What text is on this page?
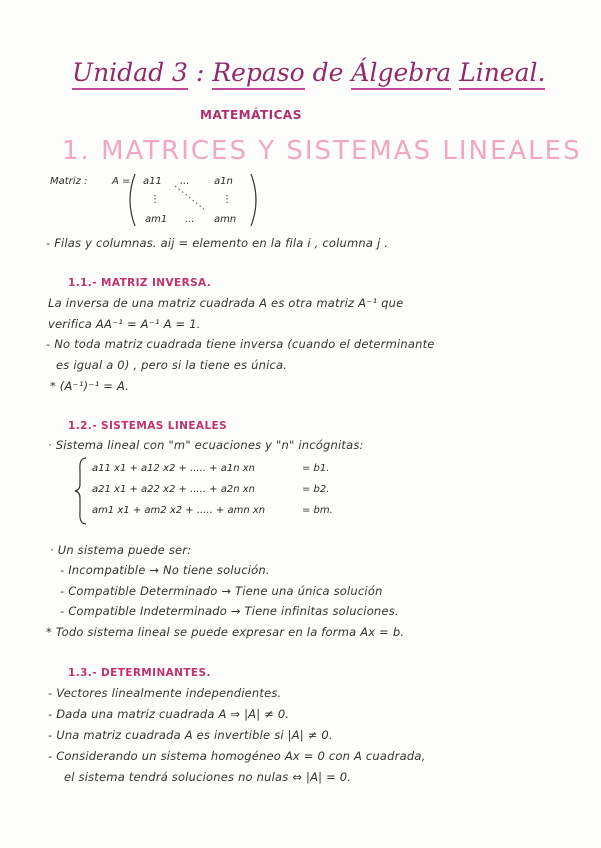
Unidad 3 : Repaso de Álgebra Lineal.
MATEMÁTICAS
1. MATRICES Y SISTEMAS LINEALES
Matriz : A = a11 ... a1n
⋮	⋮
am1 ... amn
- Filas y columnas. aij = elemento en la fila i , columna j .
1.1.- MATRIZ INVERSA.
La inversa de una matriz cuadrada A es otra matriz A⁻¹ que
verifica AA⁻¹ = A⁻¹ A = 1.
- No toda matriz cuadrada tiene inversa (cuando el determinante
es igual a 0) , pero si la tiene es única.
* (A⁻¹)⁻¹ = A.
1.2.- SISTEMAS LINEALES
· Sistema lineal con "m" ecuaciones y "n" incógnitas:
a11 x1 + a12 x2 + ..... + a1n xn	= b1.
a21 x1 + a22 x2 + ..... + a2n xn	= b2.
am1 x1 + am2 x2 + ..... + amn xn	= bm.
· Un sistema puede ser:
- Incompatible → No tiene solución.
- Compatible Determinado → Tiene una única solución
- Compatible Indeterminado → Tiene infinitas soluciones.
* Todo sistema lineal se puede expresar en la forma Ax = b.
1.3.- DETERMINANTES.
- Vectores linealmente independientes.
- Dada una matriz cuadrada A ⇒ |A| ≠ 0.
- Una matriz cuadrada A es invertible si |A| ≠ 0.
- Considerando un sistema homogéneo Ax = 0 con A cuadrada,
el sistema tendrá soluciones no nulas ⇔ |A| = 0.
